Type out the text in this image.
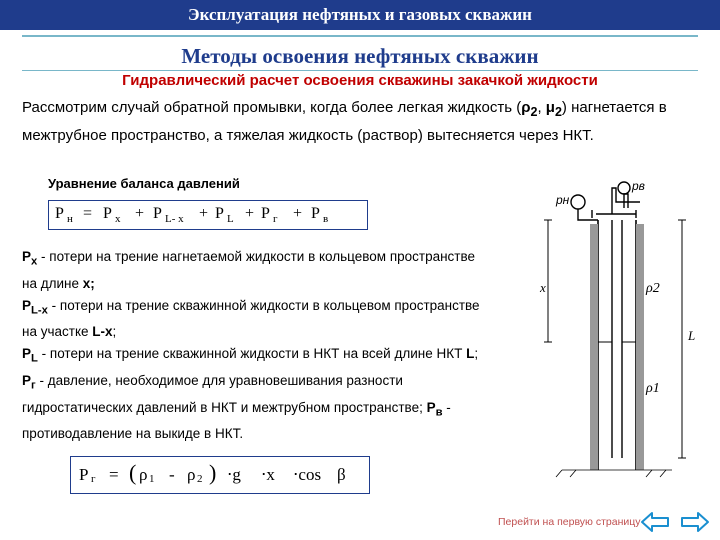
Эксплуатация нефтяных и газовых скважин
Методы освоения нефтяных скважин
Гидравлический расчет освоения скважины закачкой жидкости
Рассмотрим случай обратной промывки, когда более легкая жидкость ($\rho_2$, $\mu_2$) нагнетается в межтрубное пространство, а тяжелая жидкость (раствор) вытесняется через НКТ.
Уравнение баланса давлений
P н = P х + P L- x + P L + P г + P в

$P_х$ - потери на трение нагнетаемой жидкости в кольцевом пространстве на длине x;

$P_{L-x}$ - потери на трение скважинной жидкости в кольцевом пространстве на участке L-x;

$P_L$ - потери на трение скважинной жидкости в НКТ на всей длине НКТ L;

$P_г$ - давление, необходимое для уравновешивания разности гидростатических давлений в НКТ и межтрубном пространстве; $P_в$ - противодавление на выкиде в НКТ.

P г = ( ρ 1 - ρ 2 ) ⋅g ⋅x ⋅cos β
pн
pв
ρ2
ρ1
x
L
Перейти на первую страницу
